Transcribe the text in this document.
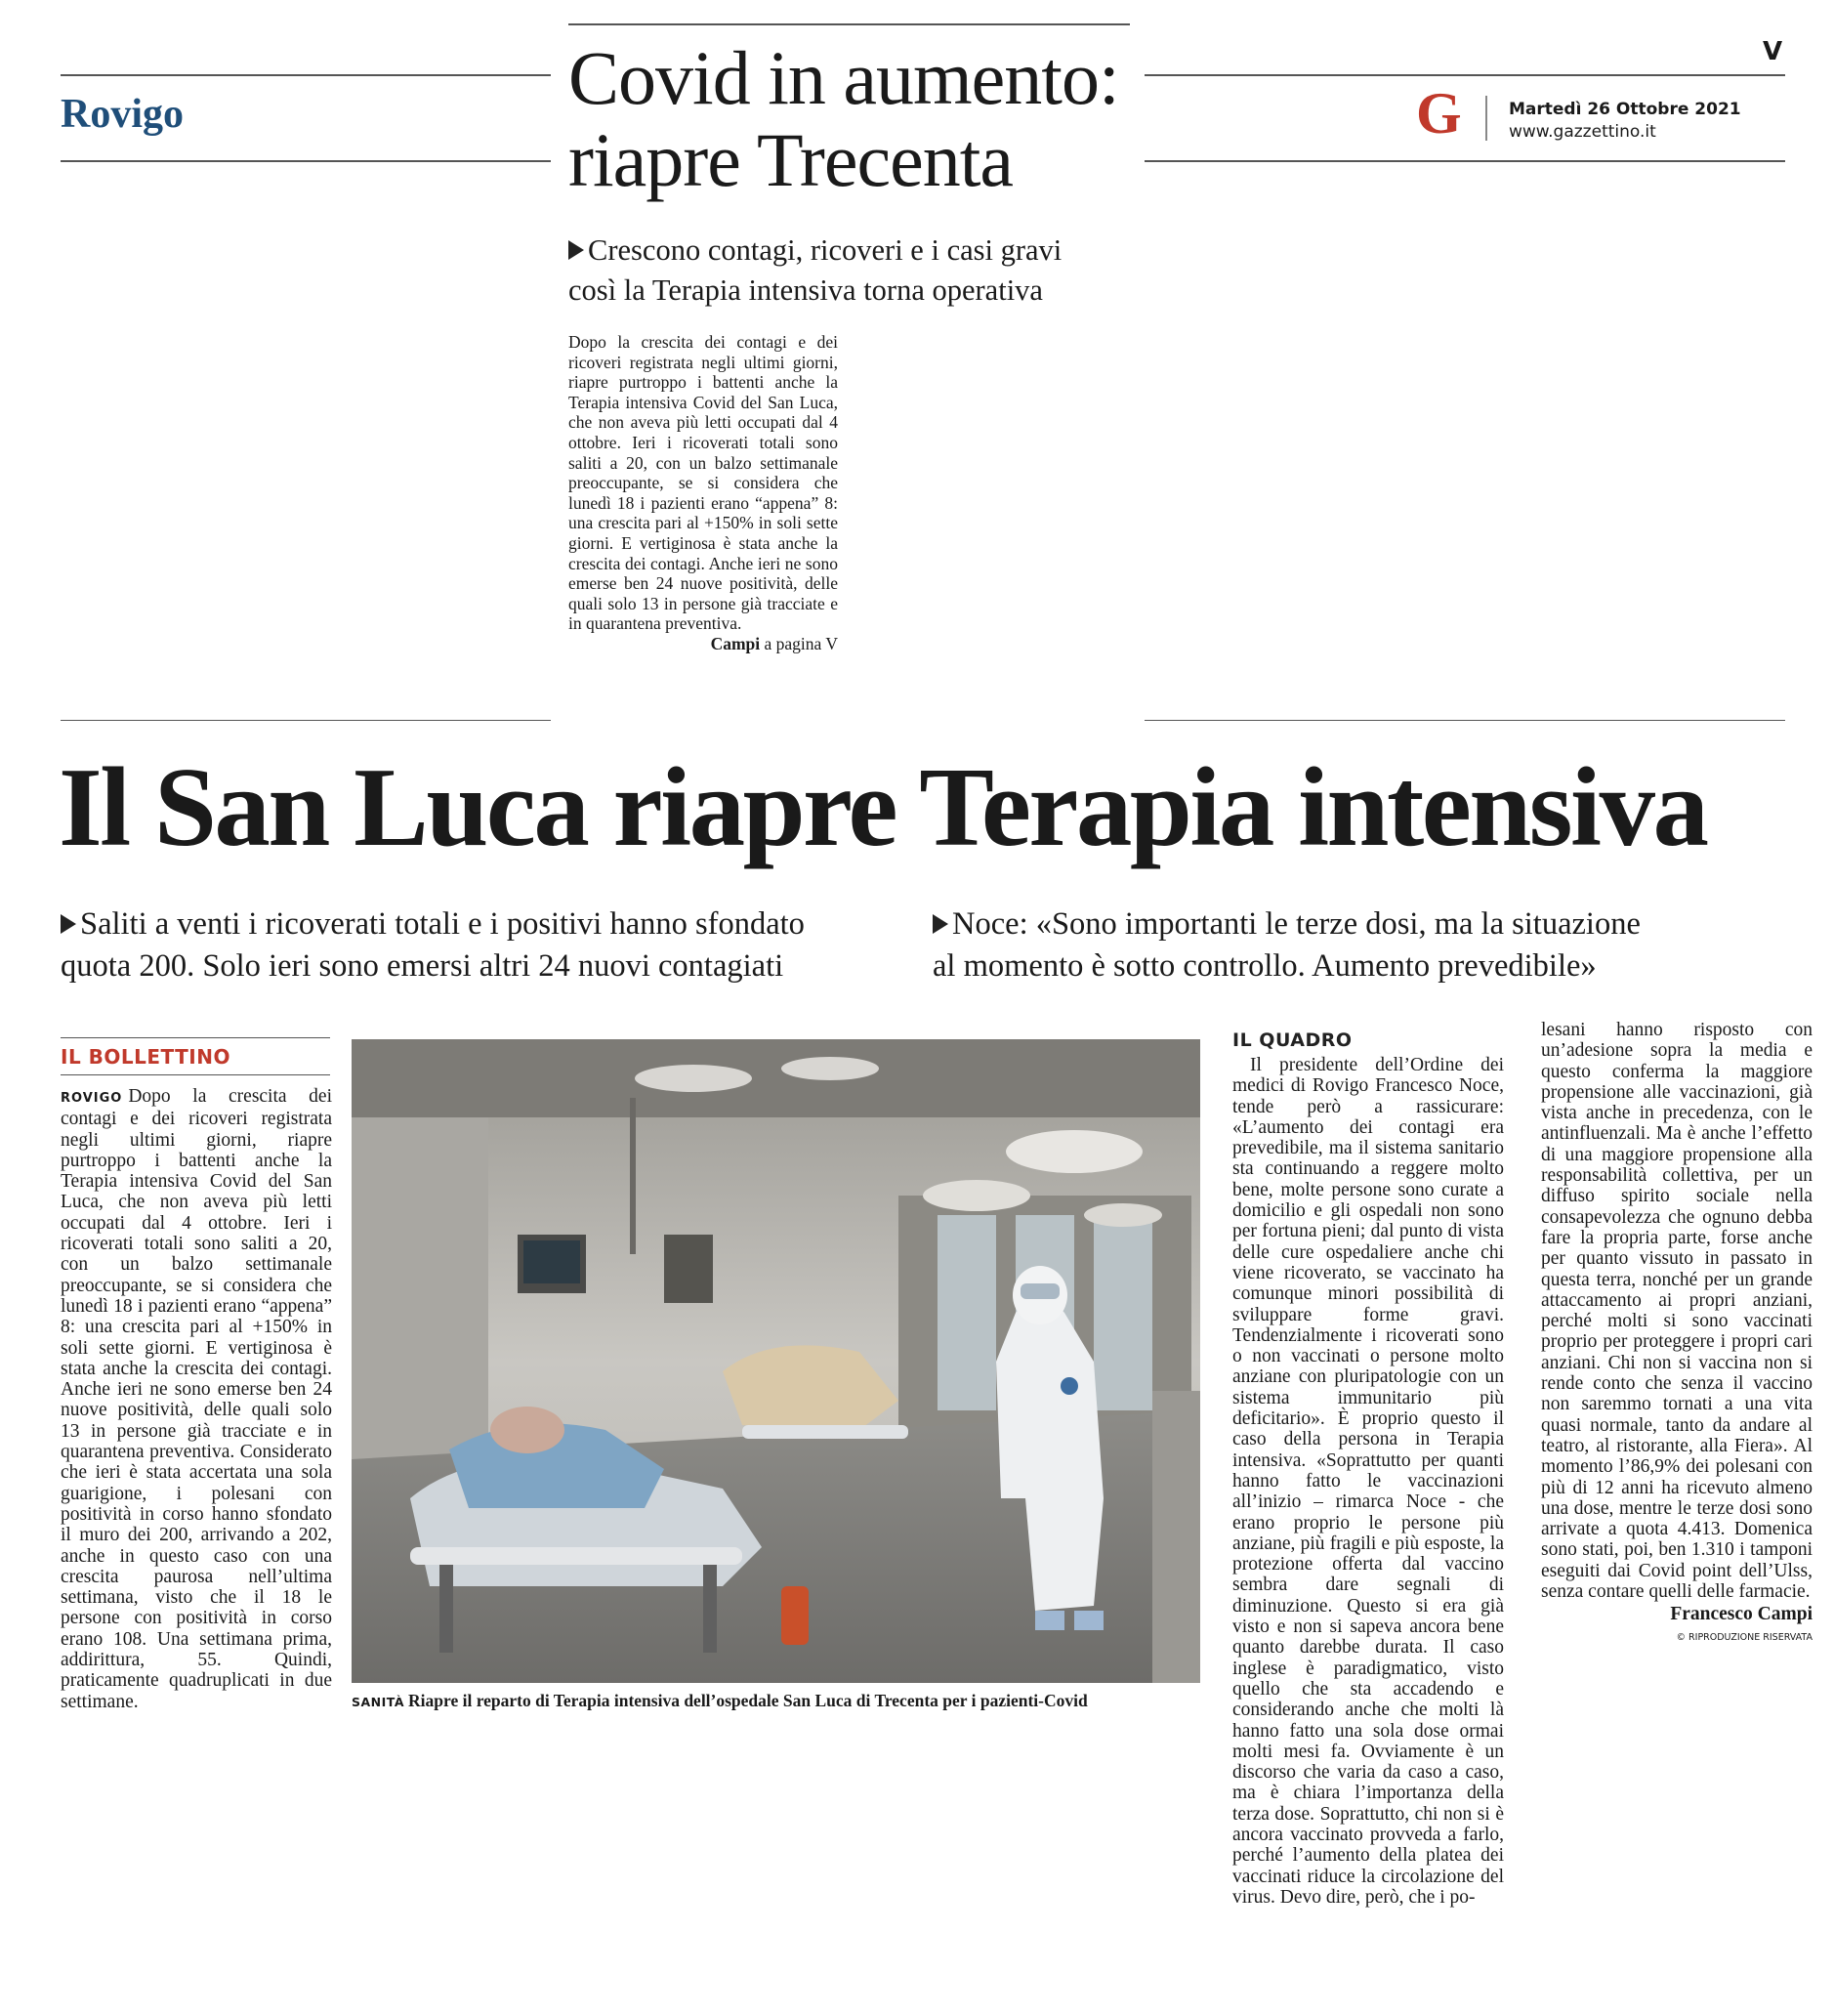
Rovigo	Covid in aumento:
riapre Trecenta
V
G	Martedì 26 Ottobre 2021
www.gazzettino.it
Crescono contagi, ricoveri e i casi gravi
così la Terapia intensiva torna operativa

Dopo la crescita dei contagi e dei ricoveri registrata negli ultimi giorni, riapre purtroppo i battenti anche la Terapia intensiva Covid del San Luca, che non aveva più letti occupati dal 4 ottobre. Ieri i ricoverati totali sono saliti a 20, con un balzo settimanale preoccupante, se si considera che lunedì 18 i pazienti erano “appena” 8: una crescita pari al +150% in soli sette giorni. E vertiginosa è stata anche la crescita dei contagi. Anche ieri ne sono emerse ben 24 nuove positività, delle quali solo 13 in persone già tracciate e in quarantena preventiva.

Campi a pagina V
Il San Luca riapre Terapia intensiva
Saliti a venti i ricoverati totali e i positivi hanno sfondato
quota 200. Solo ieri sono emersi altri 24 nuovi contagiati
Noce: «Sono importanti le terze dosi, ma la situazione
al momento è sotto controllo. Aumento prevedibile»
IL BOLLETTINO

ROVIGO Dopo la crescita dei contagi e dei ricoveri registrata negli ultimi giorni, riapre purtroppo i battenti anche la Terapia intensiva Covid del San Luca, che non aveva più letti occupati dal 4 ottobre. Ieri i ricoverati totali sono saliti a 20, con un balzo settimanale preoccupante, se si considera che lunedì 18 i pazienti erano “appena” 8: una crescita pari al +150% in soli sette giorni. E vertiginosa è stata anche la crescita dei contagi. Anche ieri ne sono emerse ben 24 nuove positività, delle quali solo 13 in persone già tracciate e in quarantena preventiva. Considerato che ieri è stata accertata una sola guarigione, i polesani con positività in corso hanno sfondato il muro dei 200, arrivando a 202, anche in questo caso con una crescita paurosa nell’ultima settimana, visto che il 18 le persone con positività in corso erano 108. Una settimana prima, addirittura, 55. Quindi, praticamente quadruplicati in due settimane.	SANITÀ Riapre il reparto di Terapia intensiva dell’ospedale San Luca di Trecenta per i pazienti-Covid
IL QUADRO

Il presidente dell’Ordine dei medici di Rovigo Francesco Noce, tende però a rassicurare: «L’aumento dei contagi era prevedibile, ma il sistema sanitario sta continuando a reggere molto bene, molte persone sono curate a domicilio e gli ospedali non sono per fortuna pieni; dal punto di vista delle cure ospedaliere anche chi viene ricoverato, se vaccinato ha comunque minori possibilità di sviluppare forme gravi. Tendenzialmente i ricoverati sono o non vaccinati o persone molto anziane con pluripatologie con un sistema immunitario più deficitario». È proprio questo il caso della persona in Terapia intensiva. «Soprattutto per quanti hanno fatto le vaccinazioni all’inizio – rimarca Noce - che erano proprio le persone più anziane, più fragili e più esposte, la protezione offerta dal vaccino sembra dare segnali di diminuzione. Questo si era già visto e non si sapeva ancora bene quanto darebbe durata. Il caso inglese è paradigmatico, visto quello che sta accadendo e considerando anche che molti là hanno fatto una sola dose ormai molti mesi fa. Ovviamente è un discorso che varia da caso a caso, ma è chiara l’importanza della terza dose. Soprattutto, chi non si è ancora vaccinato provveda a farlo, perché l’aumento della platea dei vaccinati riduce la circolazione del virus. Devo dire, però, che i po-

lesani hanno risposto con un’adesione sopra la media e questo conferma la maggiore propensione alle vaccinazioni, già vista anche in precedenza, con le antinfluenzali. Ma è anche l’effetto di una maggiore propensione alla responsabilità collettiva, per un diffuso spirito sociale nella consapevolezza che ognuno debba fare la propria parte, forse anche per quanto vissuto in passato in questa terra, nonché per un grande attaccamento ai propri anziani, perché molti si sono vaccinati proprio per proteggere i propri cari anziani. Chi non si vaccina non si rende conto che senza il vaccino non saremmo tornati a una vita quasi normale, tanto da andare al teatro, al ristorante, alla Fiera». Al momento l’86,9% dei polesani con più di 12 anni ha ricevuto almeno una dose, mentre le terze dosi sono arrivate a quota 4.413. Domenica sono stati, poi, ben 1.310 i tamponi eseguiti dai Covid point dell’Ulss, senza contare quelli delle farmacie.

Francesco Campi
© RIPRODUZIONE RISERVATA
